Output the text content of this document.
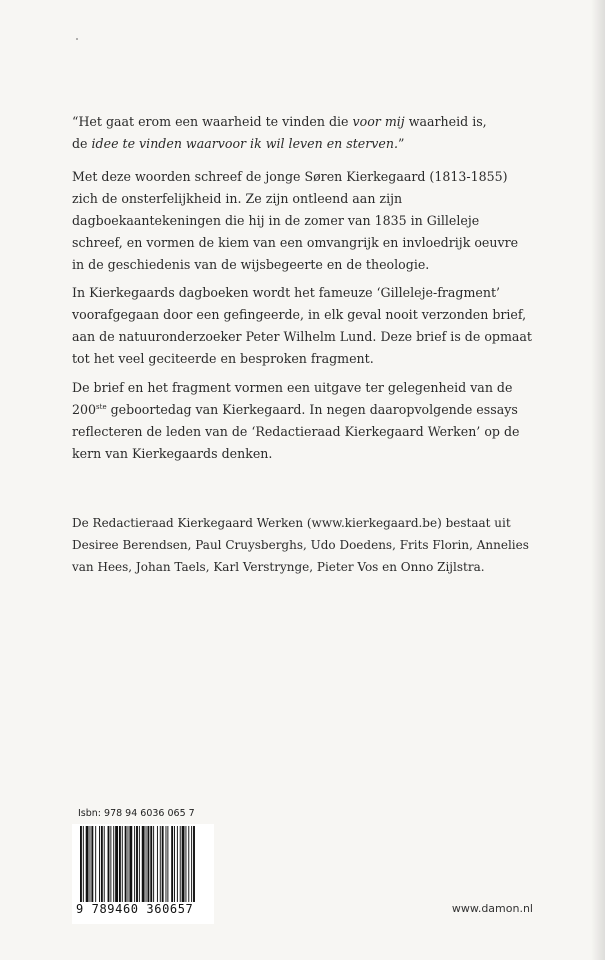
“Het gaat erom een waarheid te vinden die voor mij waarheid is,

de idee te vinden waarvoor ik wil leven en sterven.”

Met deze woorden schreef de jonge Søren Kierkegaard (1813-1855) zich de onsterfelijkheid in. Ze zijn ontleend aan zijn dagboekaantekeningen die hij in de zomer van 1835 in Gilleleje schreef, en vormen de kiem van een omvangrijk en invloedrijk oeuvre in de geschiedenis van de wijsbegeerte en de theologie.

In Kierkegaards dagboeken wordt het fameuze ‘Gilleleje-fragment’ voorafgegaan door een gefingeerde, in elk geval nooit verzonden brief, aan de natuuronderzoeker Peter Wilhelm Lund. Deze brief is de opmaat tot het veel geciteerde en besproken fragment.

De brief en het fragment vormen een uitgave ter gelegenheid van de 200ste geboortedag van Kierkegaard. In negen daaropvolgende essays reflecteren de leden van de ‘Redactieraad Kierkegaard Werken’ op de kern van Kierkegaards denken.

De Redactieraad Kierkegaard Werken (www.kierkegaard.be) bestaat uit Desiree Berendsen, Paul Cruysberghs, Udo Doedens, Frits Florin, Annelies van Hees, Johan Taels, Karl Verstrynge, Pieter Vos en Onno Zijlstra.

Isbn: 978 94 6036 065 7
9 789460 360657	www.damon.nl
